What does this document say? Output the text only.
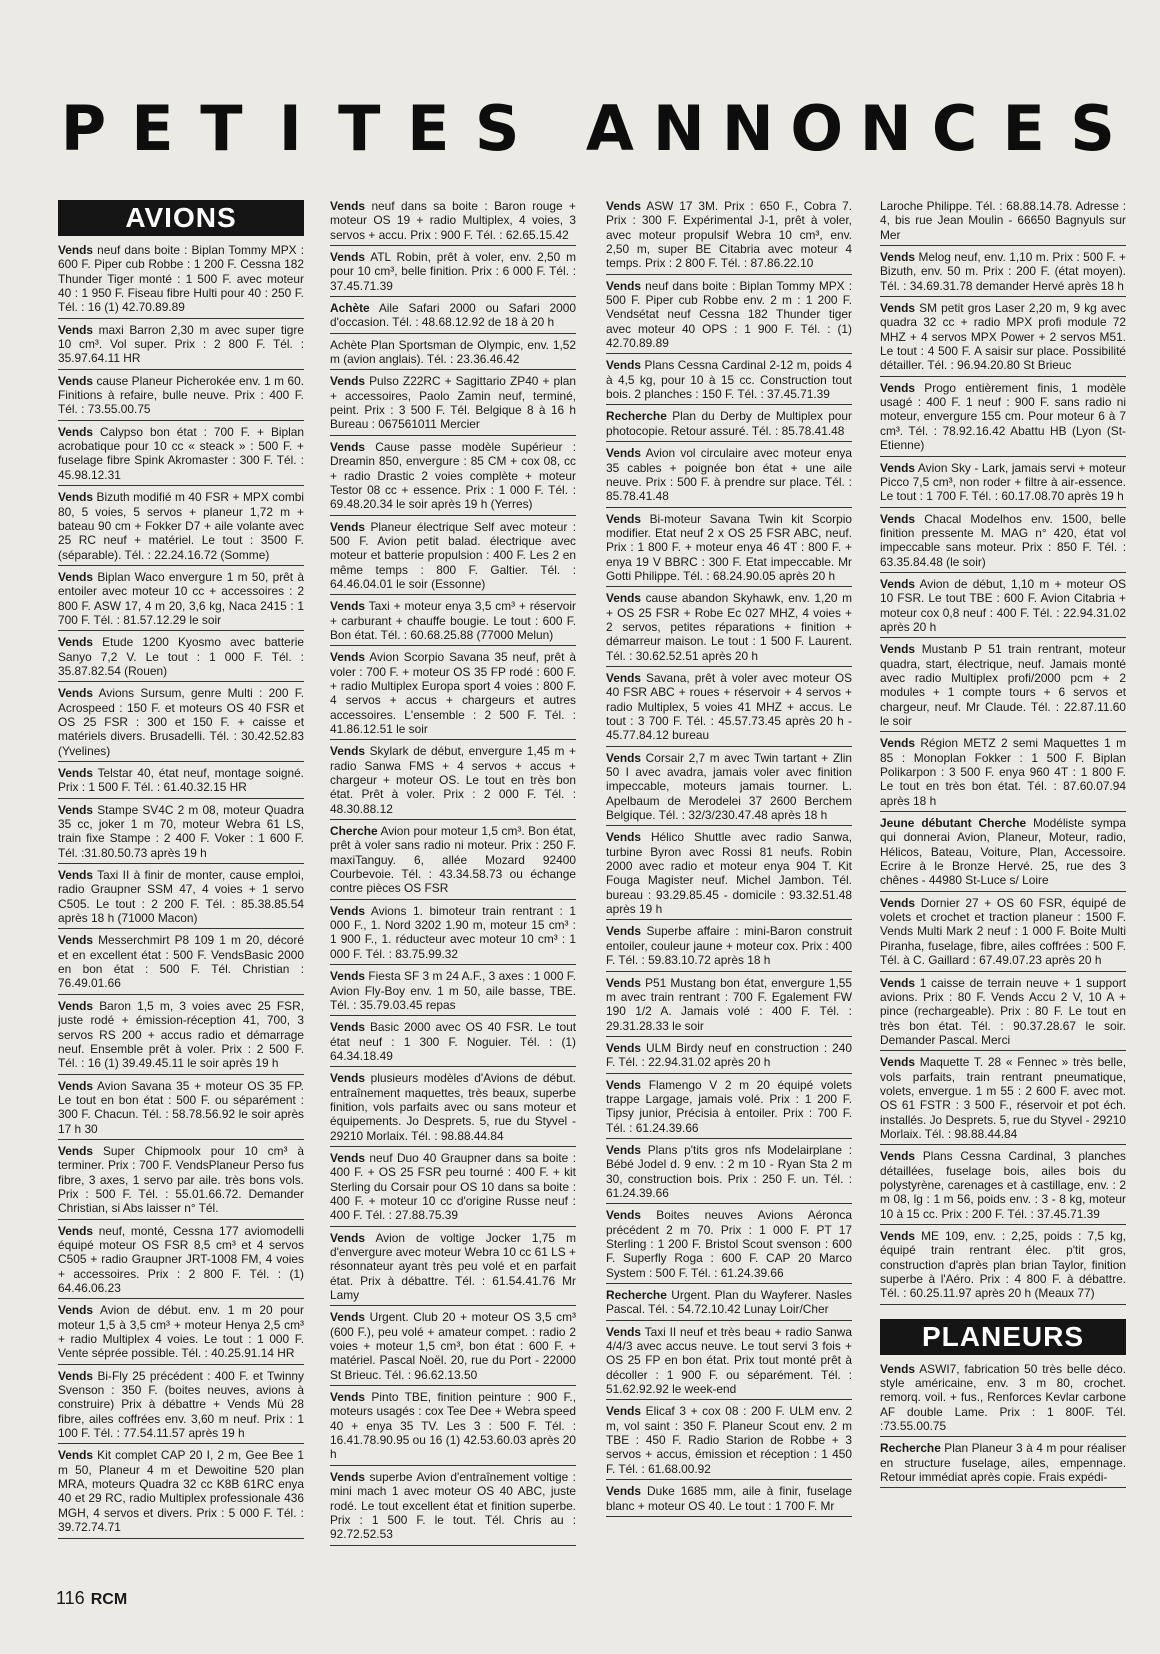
P E T I T E S A N N O N C E S
AVIONS
Vends neuf dans boite : Biplan Tommy MPX : 600 F. Piper cub Robbe : 1 200 F. Cessna 182 Thunder Tiger monté : 1 500 F. avec moteur 40 : 1 950 F. Fiseau fibre Hulti pour 40 : 250 F. Tél. : 16 (1) 42.70.89.89
Vends maxi Barron 2,30 m avec super tigre 10 cm³. Vol super. Prix : 2 800 F. Tél. : 35.97.64.11 HR
Vends cause Planeur Picherokée env. 1 m 60. Finitions à refaire, bulle neuve. Prix : 400 F. Tél. : 73.55.00.75
Vends Calypso bon état : 700 F. + Biplan acrobatique pour 10 cc « steack » : 500 F. + fuselage fibre Spink Akromaster : 300 F. Tél. : 45.98.12.31
Vends Bizuth modifié m 40 FSR + MPX combi 80, 5 voies, 5 servos + planeur 1,72 m + bateau 90 cm + Fokker D7 + aile volante avec 25 RC neuf + matériel. Le tout : 3500 F. (séparable). Tél. : 22.24.16.72 (Somme)
Vends Biplan Waco envergure 1 m 50, prêt à entoiler avec moteur 10 cc + accessoires : 2 800 F. ASW 17, 4 m 20, 3,6 kg, Naca 2415 : 1 700 F. Tél. : 81.57.12.29 le soir
Vends Etude 1200 Kyosmo avec batterie Sanyo 7,2 V. Le tout : 1 000 F. Tél. : 35.87.82.54 (Rouen)
Vends Avions Sursum, genre Multi : 200 F. Acrospeed : 150 F. et moteurs OS 40 FSR et OS 25 FSR : 300 et 150 F. + caisse et matériels divers. Brusadelli. Tél. : 30.42.52.83 (Yvelines)
Vends Telstar 40, état neuf, montage soigné. Prix : 1 500 F. Tél. : 61.40.32.15 HR
Vends Stampe SV4C 2 m 08, moteur Quadra 35 cc, joker 1 m 70, moteur Webra 61 LS, train fixe Stampe : 2 400 F. Voker : 1 600 F. Tél. :31.80.50.73 après 19 h
Vends Taxi II à finir de monter, cause emploi, radio Graupner SSM 47, 4 voies + 1 servo C505. Le tout : 2 200 F. Tél. : 85.38.85.54 après 18 h (71000 Macon)
Vends Messerchmirt P8 109 1 m 20, décoré et en excellent état : 500 F. VendsBasic 2000 en bon état : 500 F. Tél. Christian : 76.49.01.66
Vends Baron 1,5 m, 3 voies avec 25 FSR, juste rodé + émission-réception 41, 700, 3 servos RS 200 + accus radio et démarrage neuf. Ensemble prêt à voler. Prix : 2 500 F. Tél. : 16 (1) 39.49.45.11 le soir après 19 h
Vends Avion Savana 35 + moteur OS 35 FP. Le tout en bon état : 500 F. ou séparément : 300 F. Chacun. Tél. : 58.78.56.92 le soir après 17 h 30
Vends Super Chipmoolx pour 10 cm³ à terminer. Prix : 700 F. VendsPlaneur Perso fus fibre, 3 axes, 1 servo par aile. très bons vols. Prix : 500 F. Tél. : 55.01.66.72. Demander Christian, si Abs laisser n° Tél.
Vends neuf, monté, Cessna 177 aviomodelli équipé moteur OS FSR 8,5 cm³ et 4 servos C505 + radio Graupner JRT-1008 FM, 4 voies + accessoires. Prix : 2 800 F. Tél. : (1) 64.46.06.23
Vends Avion de début. env. 1 m 20 pour moteur 1,5 à 3,5 cm³ + moteur Henya 2,5 cm³ + radio Multiplex 4 voies. Le tout : 1 000 F. Vente séprée possible. Tél. : 40.25.91.14 HR
Vends Bi-Fly 25 précédent : 400 F. et Twinny Svenson : 350 F. (boites neuves, avions à construire) Prix à débattre + Vends Mü 28 fibre, ailes coffrées env. 3,60 m neuf. Prix : 1 100 F. Tél. : 77.54.11.57 après 19 h
Vends Kit complet CAP 20 I, 2 m, Gee Bee 1 m 50, Planeur 4 m et Dewoitine 520 plan MRA, moteurs Quadra 32 cc K8B 61RC enya 40 et 29 RC, radio Multiplex professionale 436 MGH, 4 servos et divers. Prix : 5 000 F. Tél. : 39.72.74.71
Vends neuf dans sa boite : Baron rouge + moteur OS 19 + radio Multiplex, 4 voies, 3 servos + accu. Prix : 900 F. Tél. : 62.65.15.42
Vends ATL Robin, prêt à voler, env. 2,50 m pour 10 cm³, belle finition. Prix : 6 000 F. Tél. : 37.45.71.39
Achète Aile Safari 2000 ou Safari 2000 d'occasion. Tél. : 48.68.12.92 de 18 à 20 h
Achète Plan Sportsman de Olympic, env. 1,52 m (avion anglais). Tél. : 23.36.46.42
Vends Pulso Z22RC + Sagittario ZP40 + plan + accessoires, Paolo Zamin neuf, terminé, peint. Prix : 3 500 F. Tél. Belgique 8 à 16 h Bureau : 067561011 Mercier
Vends Cause passe modèle Supérieur : Dreamin 850, envergure : 85 CM + cox 08, cc + radio Drastic 2 voies complète + moteur Testor 08 cc + essence. Prix : 1 000 F. Tél. : 69.48.20.34 le soir après 19 h (Yerres)
Vends Planeur électrique Self avec moteur : 500 F. Avion petit balad. électrique avec moteur et batterie propulsion : 400 F. Les 2 en même temps : 800 F. Galtier. Tél. : 64.46.04.01 le soir (Essonne)
Vends Taxi + moteur enya 3,5 cm³ + réservoir + carburant + chauffe bougie. Le tout : 600 F. Bon état. Tél. : 60.68.25.88 (77000 Melun)
Vends Avion Scorpio Savana 35 neuf, prêt à voler : 700 F. + moteur OS 35 FP rodé : 600 F. + radio Multiplex Europa sport 4 voies : 800 F. 4 servos + accus + chargeurs et autres accessoires. L'ensemble : 2 500 F. Tél. : 41.86.12.51 le soir
Vends Skylark de début, envergure 1,45 m + radio Sanwa FMS + 4 servos + accus + chargeur + moteur OS. Le tout en très bon état. Prêt à voler. Prix : 2 000 F. Tél. : 48.30.88.12
Cherche Avion pour moteur 1,5 cm³. Bon état, prêt à voler sans radio ni moteur. Prix : 250 F. maxiTanguy. 6, allée Mozard 92400 Courbevoie. Tél. : 43.34.58.73 ou échange contre pièces OS FSR
Vends Avions 1. bimoteur train rentrant : 1 000 F., 1. Nord 3202 1.90 m, moteur 15 cm³ : 1 900 F., 1. réducteur avec moteur 10 cm³ : 1 000 F. Tél. : 83.75.99.32
Vends Fiesta SF 3 m 24 A.F., 3 axes : 1 000 F. Avion Fly-Boy env. 1 m 50, aile basse, TBE. Tél. : 35.79.03.45 repas
Vends Basic 2000 avec OS 40 FSR. Le tout état neuf : 1 300 F. Noguier. Tél. : (1) 64.34.18.49
Vends plusieurs modèles d'Avions de début. entraînement maquettes, très beaux, superbe finition, vols parfaits avec ou sans moteur et équipements. Jo Desprets. 5, rue du Styvel - 29210 Morlaix. Tél. : 98.88.44.84
Vends neuf Duo 40 Graupner dans sa boite : 400 F. + OS 25 FSR peu tourné : 400 F. + kit Sterling du Corsair pour OS 10 dans sa boite : 400 F. + moteur 10 cc d'origine Russe neuf : 400 F. Tél. : 27.88.75.39
Vends Avion de voltige Jocker 1,75 m d'envergure avec moteur Webra 10 cc 61 LS + résonnateur ayant très peu volé et en parfait état. Prix à débattre. Tél. : 61.54.41.76 Mr Lamy
Vends Urgent. Club 20 + moteur OS 3,5 cm³ (600 F.), peu volé + amateur compet. : radio 2 voies + moteur 1,5 cm³, bon état : 600 F. + matériel. Pascal Noël. 20, rue du Port - 22000 St Brieuc. Tél. : 96.62.13.50
Vends Pinto TBE, finition peinture : 900 F., moteurs usagés : cox Tee Dee + Webra speed 40 + enya 35 TV. Les 3 : 500 F. Tél. : 16.41.78.90.95 ou 16 (1) 42.53.60.03 après 20 h
Vends superbe Avion d'entraînement voltige : mini mach 1 avec moteur OS 40 ABC, juste rodé. Le tout excellent état et finition superbe. Prix : 1 500 F. le tout. Tél. Chris au : 92.72.52.53
Vends ASW 17 3M. Prix : 650 F., Cobra 7. Prix : 300 F. Expérimental J-1, prêt à voler, avec moteur propulsif Webra 10 cm³, env. 2,50 m, super BE Citabria avec moteur 4 temps. Prix : 2 800 F. Tél. : 87.86.22.10
Vends neuf dans boite : Biplan Tommy MPX : 500 F. Piper cub Robbe env. 2 m : 1 200 F. Vendsétat neuf Cessna 182 Thunder tiger avec moteur 40 OPS : 1 900 F. Tél. : (1) 42.70.89.89
Vends Plans Cessna Cardinal 2-12 m, poids 4 à 4,5 kg, pour 10 à 15 cc. Construction tout bois. 2 planches : 150 F. Tél. : 37.45.71.39
Recherche Plan du Derby de Multiplex pour photocopie. Retour assuré. Tél. : 85.78.41.48
Vends Avion vol circulaire avec moteur enya 35 cables + poignée bon état + une aile neuve. Prix : 500 F. à prendre sur place. Tél. : 85.78.41.48
Vends Bi-moteur Savana Twin kit Scorpio modifier. Etat neuf 2 x OS 25 FSR ABC, neuf. Prix : 1 800 F. + moteur enya 46 4T : 800 F. + enya 19 V BBRC : 300 F. Etat impeccable. Mr Gotti Philippe. Tél. : 68.24.90.05 après 20 h
Vends cause abandon Skyhawk, env. 1,20 m + OS 25 FSR + Robe Ec 027 MHZ, 4 voies + 2 servos, petites réparations + finition + démarreur maison. Le tout : 1 500 F. Laurent. Tél. : 30.62.52.51 après 20 h
Vends Savana, prêt à voler avec moteur OS 40 FSR ABC + roues + réservoir + 4 servos + radio Multiplex, 5 voies 41 MHZ + accus. Le tout : 3 700 F. Tél. : 45.57.73.45 après 20 h - 45.77.84.12 bureau
Vends Corsair 2,7 m avec Twin tartant + Zlin 50 I avec avadra, jamais voler avec finition impeccable, moteurs jamais tourner. L. Apelbaum de Merodelei 37 2600 Berchem Belgique. Tél. : 32/3/230.47.48 après 18 h
Vends Hélico Shuttle avec radio Sanwa, turbine Byron avec Rossi 81 neufs. Robin 2000 avec radio et moteur enya 904 T. Kit Fouga Magister neuf. Michel Jambon. Tél. bureau : 93.29.85.45 - domicile : 93.32.51.48 après 19 h
Vends Superbe affaire : mini-Baron construit entoiler, couleur jaune + moteur cox. Prix : 400 F. Tél. : 59.83.10.72 après 18 h
Vends P51 Mustang bon état, envergure 1,55 m avec train rentrant : 700 F. Egalement FW 190 1/2 A. Jamais volé : 400 F. Tél. : 29.31.28.33 le soir
Vends ULM Birdy neuf en construction : 240 F. Tél. : 22.94.31.02 après 20 h
Vends Flamengo V 2 m 20 équipé volets trappe Largage, jamais volé. Prix : 1 200 F. Tipsy junior, Précisia à entoiler. Prix : 700 F. Tél. : 61.24.39.66
Vends Plans p'tits gros nfs Modelairplane : Bébé Jodel d. 9 env. : 2 m 10 - Ryan Sta 2 m 30, construction bois. Prix : 250 F. un. Tél. : 61.24.39.66
Vends Boites neuves Avions Aéronca précédent 2 m 70. Prix : 1 000 F. PT 17 Sterling : 1 200 F. Bristol Scout svenson : 600 F. Superfly Roga : 600 F. CAP 20 Marco System : 500 F. Tél. : 61.24.39.66
Recherche Urgent. Plan du Wayferer. Nasles Pascal. Tél. : 54.72.10.42 Lunay Loir/Cher
Vends Taxi II neuf et très beau + radio Sanwa 4/4/3 avec accus neuve. Le tout servi 3 fois + OS 25 FP en bon état. Prix tout monté prêt à décoller : 1 900 F. ou séparément. Tél. : 51.62.92.92 le week-end
Vends Elicaf 3 + cox 08 : 200 F. ULM env. 2 m, vol saint : 350 F. Planeur Scout env. 2 m TBE : 450 F. Radio Starion de Robbe + 3 servos + accus, émission et réception : 1 450 F. Tél. : 61.68.00.92
Vends Duke 1685 mm, aile à finir, fuselage blanc + moteur OS 40. Le tout : 1 700 F. Mr
Laroche Philippe. Tél. : 68.88.14.78. Adresse : 4, bis rue Jean Moulin - 66650 Bagnyuls sur Mer
Vends Melog neuf, env. 1,10 m. Prix : 500 F. + Bizuth, env. 50 m. Prix : 200 F. (état moyen). Tél. : 34.69.31.78 demander Hervé après 18 h
Vends SM petit gros Laser 2,20 m, 9 kg avec quadra 32 cc + radio MPX profi module 72 MHZ + 4 servos MPX Power + 2 servos M51. Le tout : 4 500 F. A saisir sur place. Possibilité détailler. Tél. : 96.94.20.80 St Brieuc
Vends Progo entièrement finis, 1 modèle usagé : 400 F. 1 neuf : 900 F. sans radio ni moteur, envergure 155 cm. Pour moteur 6 à 7 cm³. Tél. : 78.92.16.42 Abattu HB (Lyon (St-Etienne)
Vends Avion Sky - Lark, jamais servi + moteur Picco 7,5 cm³, non roder + filtre à air-essence. Le tout : 1 700 F. Tél. : 60.17.08.70 après 19 h
Vends Chacal Modelhos env. 1500, belle finition pressente M. MAG n° 420, état vol impeccable sans moteur. Prix : 850 F. Tél. : 63.35.84.48 (le soir)
Vends Avion de début, 1,10 m + moteur OS 10 FSR. Le tout TBE : 600 F. Avion Citabria + moteur cox 0,8 neuf : 400 F. Tél. : 22.94.31.02 après 20 h
Vends Mustanb P 51 train rentrant, moteur quadra, start, électrique, neuf. Jamais monté avec radio Multiplex profi/2000 pcm + 2 modules + 1 compte tours + 6 servos et chargeur, neuf. Mr Claude. Tél. : 22.87.11.60 le soir
Vends Région METZ 2 semi Maquettes 1 m 85 : Monoplan Fokker : 1 500 F. Biplan Polikarpon : 3 500 F. enya 960 4T : 1 800 F. Le tout en très bon état. Tél. : 87.60.07.94 après 18 h
Jeune débutant Cherche Modéliste sympa qui donnerai Avion, Planeur, Moteur, radio, Hélicos, Bateau, Voiture, Plan, Accessoire. Ecrire à le Bronze Hervé. 25, rue des 3 chênes - 44980 St-Luce s/ Loire
Vends Dornier 27 + OS 60 FSR, équipé de volets et crochet et traction planeur : 1500 F. Vends Multi Mark 2 neuf : 1 000 F. Boite Multi Piranha, fuselage, fibre, ailes coffrées : 500 F. Tél. à C. Gaillard : 67.49.07.23 après 20 h
Vends 1 caisse de terrain neuve + 1 support avions. Prix : 80 F. Vends Accu 2 V, 10 A + pince (rechargeable). Prix : 80 F. Le tout en très bon état. Tél. : 90.37.28.67 le soir. Demander Pascal. Merci
Vends Maquette T. 28 « Fennec » très belle, vols parfaits, train rentrant pneumatique, volets, envergue. 1 m 55 : 2 600 F. avec mot. OS 61 FSTR : 3 500 F., réservoir et pot éch. installés. Jo Desprets. 5, rue du Styvel - 29210 Morlaix. Tél. : 98.88.44.84
Vends Plans Cessna Cardinal, 3 planches détaillées, fuselage bois, ailes bois du polystyrène, carenages et à castillage, env. : 2 m 08, lg : 1 m 56, poids env. : 3 - 8 kg, moteur 10 à 15 cc. Prix : 200 F. Tél. : 37.45.71.39
Vends ME 109, env. : 2,25, poids : 7,5 kg, équipé train rentrant élec. p'tit gros, construction d'après plan brian Taylor, finition superbe à l'Aéro. Prix : 4 800 F. à débattre. Tél. : 60.25.11.97 après 20 h (Meaux 77)
PLANEURS
Vends ASWI7, fabrication 50 très belle déco. style américaine, env. 3 m 80, crochet. remorq. voil. + fus., Renforces Kevlar carbone AF double Lame. Prix : 1 800F. Tél. :73.55.00.75
Recherche Plan Planeur 3 à 4 m pour réaliser en structure fuselage, ailes, empennage. Retour immédiat après copie. Frais expédi-
116 RCM
